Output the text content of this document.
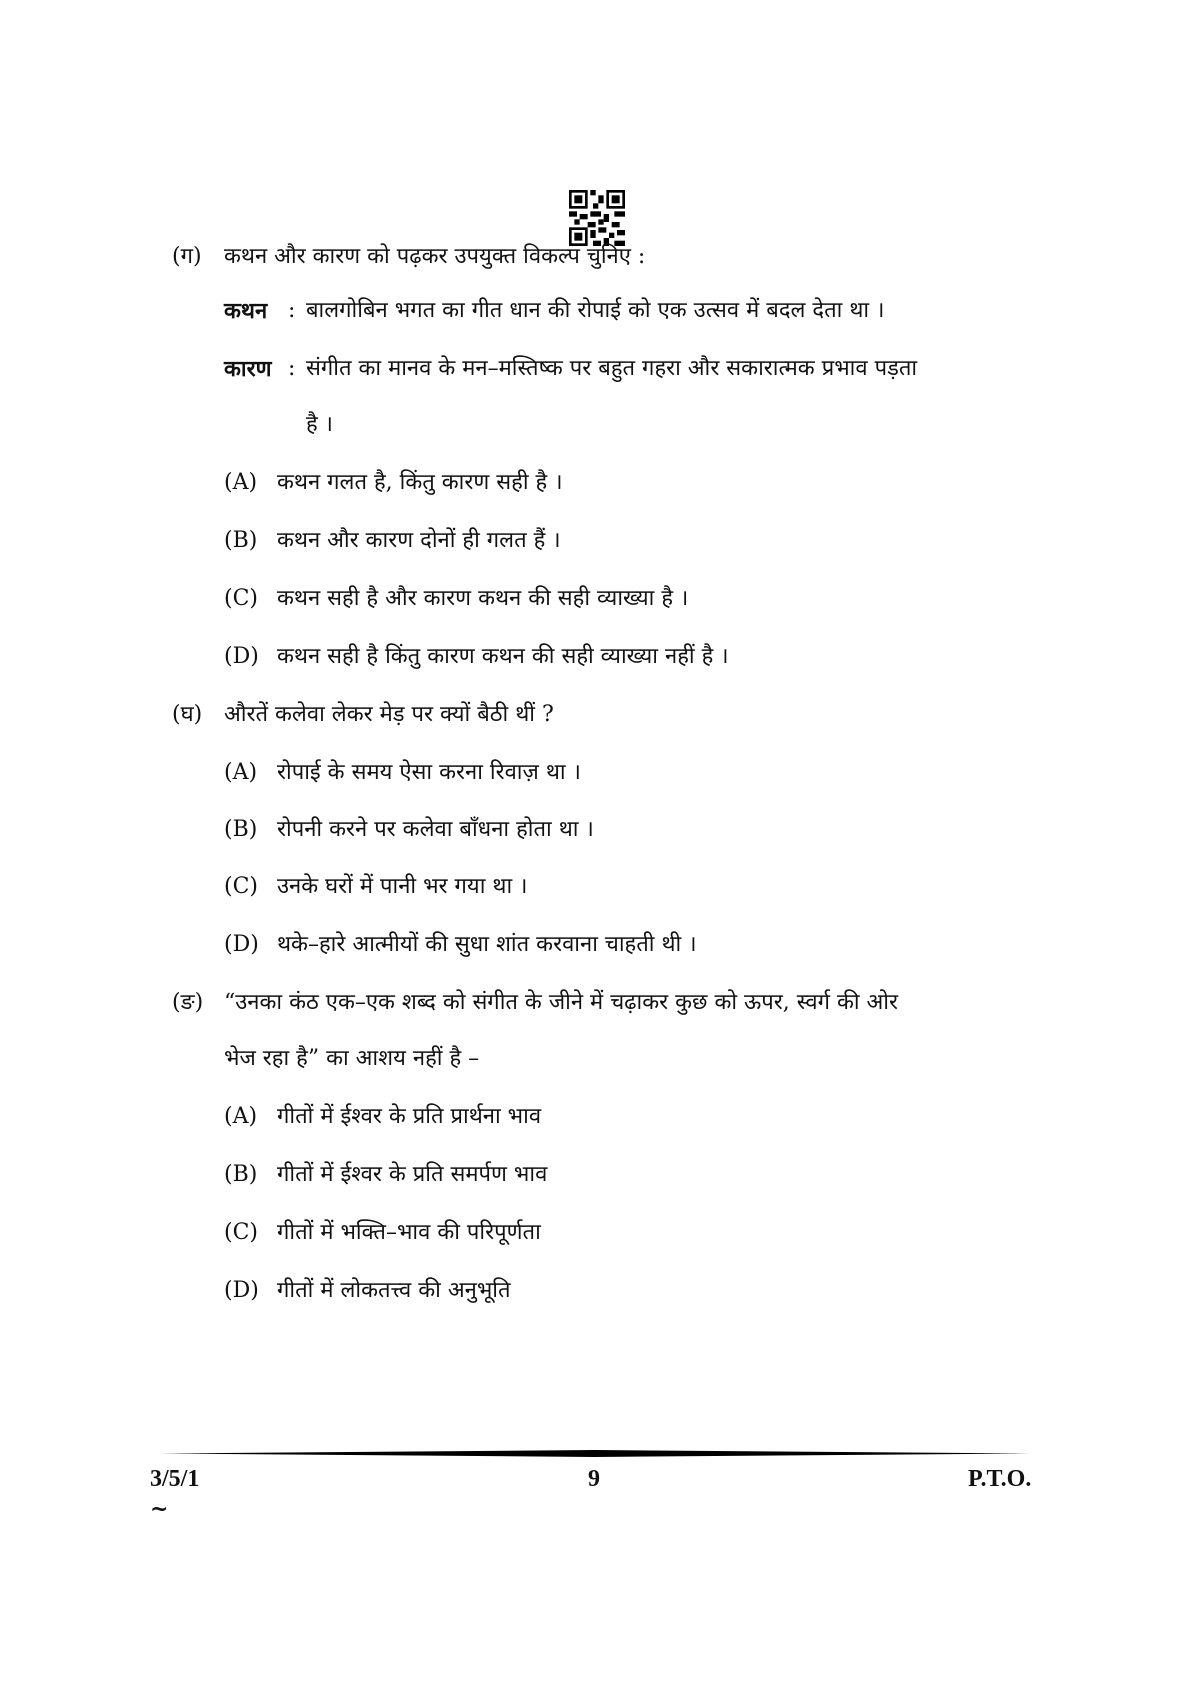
(ग) कथन और कारण को पढ़कर उपयुक्त विकल्प चुनिए :
कथन : बालगोबिन भगत का गीत धान की रोपाई को एक उत्सव में बदल देता था ।
कारण : संगीत का मानव के मन–मस्तिष्क पर बहुत गहरा और सकारात्मक प्रभाव पड़ता
है ।
(A) कथन गलत है, किंतु कारण सही है ।
(B) कथन और कारण दोनों ही गलत हैं ।
(C) कथन सही है और कारण कथन की सही व्याख्या है ।
(D) कथन सही है किंतु कारण कथन की सही व्याख्या नहीं है ।
(घ) औरतें कलेवा लेकर मेड़ पर क्यों बैठी थीं ?
(A) रोपाई के समय ऐसा करना रिवाज़ था ।
(B) रोपनी करने पर कलेवा बाँधना होता था ।
(C) उनके घरों में पानी भर गया था ।
(D) थके–हारे आत्मीयों की सुधा शांत करवाना चाहती थी ।
(ङ) “उनका कंठ एक–एक शब्द को संगीत के जीने में चढ़ाकर कुछ को ऊपर, स्वर्ग की ओर
भेज रहा है” का आशय नहीं है –
(A) गीतों में ईश्वर के प्रति प्रार्थना भाव
(B) गीतों में ईश्वर के प्रति समर्पण भाव
(C) गीतों में भक्ति–भाव की परिपूर्णता
(D) गीतों में लोकतत्त्व की अनुभूति
3/5/1	9	P.T.O.
~
